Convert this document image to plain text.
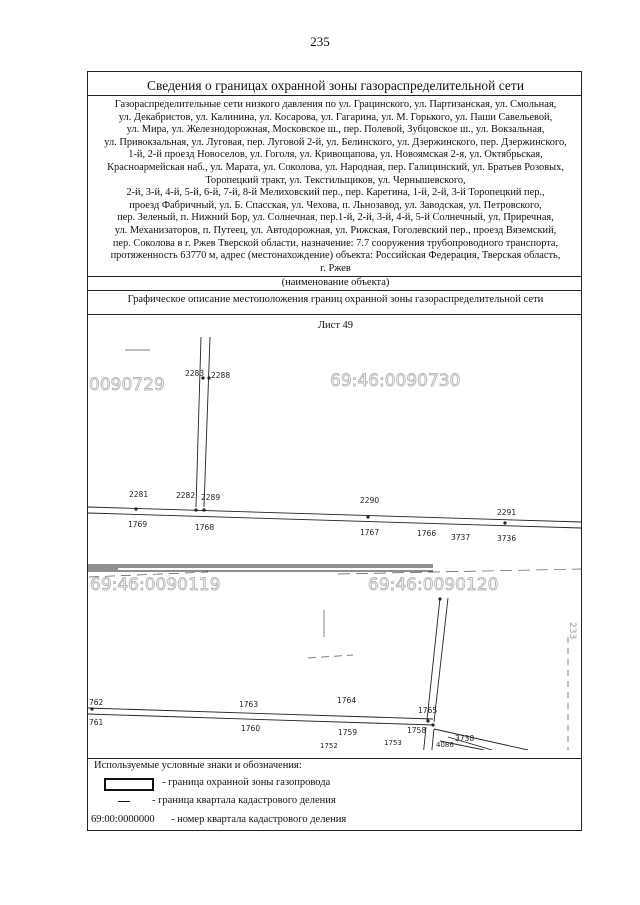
235
Сведения о границах охранной зоны газораспределительной сети
Газораспределительные сети низкого давления по ул. Грацинского, ул. Партизанская, ул. Смольная,
ул. Декабристов, ул. Калинина, ул. Косарова, ул. Гагарина, ул. М. Горького, ул. Паши Савельевой,
ул. Мира, ул. Железнодорожная, Московское ш., пер. Полевой, Зубцовское ш., ул. Вокзальная,
ул. Привокзальная, ул. Луговая, пер. Луговой 2-й, ул. Белинского, ул. Дзержинского, пер. Дзержинского,
1-й, 2-й проезд Новоселов, ул. Гоголя, ул. Кривощапова, ул. Новоямская 2-я, ул. Октябрьская,
Красноармейская наб., ул. Марата, ул. Соколова, ул. Народная, пер. Галицинский, ул. Братьев Розовых,
Торопецкий тракт, ул. Текстильщиков, ул. Чернышевского,
2-й, 3-й, 4-й, 5-й, 6-й, 7-й, 8-й Мелиховский пер., пер. Каретина, 1-й, 2-й, 3-й Торопецкий пер.,
проезд Фабричный, ул. Б. Спасская, ул. Чехова, п. Льнозавод, ул. Заводская, ул. Петровского,
пер. Зеленый, п. Нижний Бор, ул. Солнечная, пер.1-й, 2-й, 3-й, 4-й, 5-й Солнечный, ул. Приречная,
ул. Механизаторов, п. Путеец, ул. Автодорожная, ул. Рижская, Гоголевский пер., проезд Вяземский,
пер. Соколова в г. Ржев Тверской области, назначение: 7.7 сооружения трубопроводного транспорта,
протяженность 63770 м, адрес (местонахождение) объекта: Российская Федерация, Тверская область,
г. Ржев
(наименование объекта)
Графическое описание местоположения границ охранной зоны газораспределительной сети
Лист 49
0090729	69:46:0090730
69:46:0090119	69:46:0090120
233
2283 2288
2281	2282 2289	2290
2291
1769	1768
1767	1766 3737	3736
762
761
1763	1764
1765
1760	1759	1758
3738
4086
1752	1753
Используемые условные знаки и обозначения:
- граница охранной зоны газопровода
- граница квартала кадастрового деления
69:00:0000000 - номер квартала кадастрового деления
